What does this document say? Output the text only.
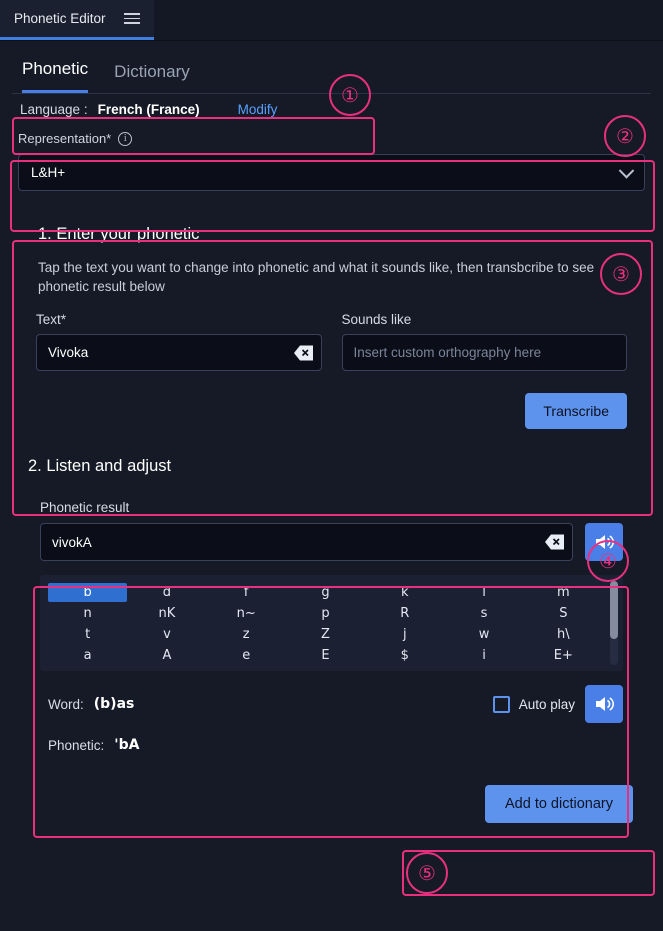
Phonetic Editor
Phonetic Dictionary
Language : French (France)	Modify
Representation*	i
L&H+
1. Enter your phonetic

Tap the text you want to change into phonetic and what it sounds like, then transbcribe to see phonetic result below

Text*
Vivoka	Sounds like
Insert custom orthography here
Transcribe
2. Listen and adjust
Phonetic result
vivokA
b	d	f	g	k	l	m
n	nK	n~	p	R	s	S
t	v	z	Z	j	w	h\
a	A	e	E	$	i	E+
Word: (b)as	Auto play
Phonetic: 'bA
Add to dictionary
①
②
③
④
⑤
